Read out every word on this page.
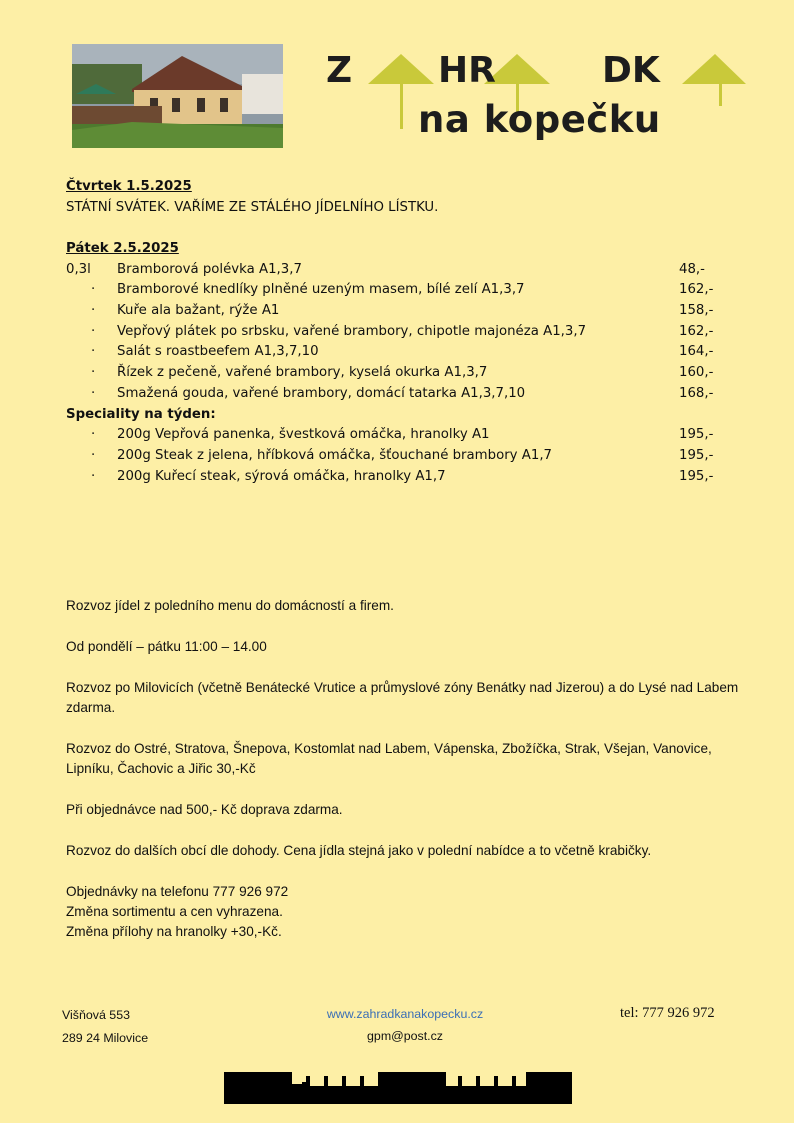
Z HR	DK
na kopečku
Čtvrtek 1.5.2025
STÁTNÍ SVÁTEK. VAŘÍME ZE STÁLÉHO JÍDELNÍHO LÍSTKU.
Pátek 2.5.2025
0,3l Bramborová polévka A1,3,7	48,-
· Bramborové knedlíky plněné uzeným masem, bílé zelí A1,3,7	162,-
· Kuře ala bažant, rýže A1	158,-
· Vepřový plátek po srbsku, vařené brambory, chipotle majonéza A1,3,7	162,-
· Salát s roastbeefem A1,3,7,10	164,-
· Řízek z pečeně, vařené brambory, kyselá okurka A1,3,7	160,-
· Smažená gouda, vařené brambory, domácí tatarka A1,3,7,10	168,-
Speciality na týden:
· 200g Vepřová panenka, švestková omáčka, hranolky A1	195,-
· 200g Steak z jelena, hříbková omáčka, šťouchané brambory A1,7	195,-
· 200g Kuřecí steak, sýrová omáčka, hranolky A1,7	195,-

Rozvoz jídel z poledního menu do domácností a firem.

Od pondělí – pátku 11:00 – 14.00

Rozvoz po Milovicích (včetně Benátecké Vrutice a průmyslové zóny Benátky nad Jizerou) a do Lysé nad Labem zdarma.

Rozvoz do Ostré, Stratova, Šnepova, Kostomlat nad Labem, Vápenska, Zbožíčka, Strak, Všejan, Vanovice, Lipníku, Čachovic a Jiřic 30,-Kč

Při objednávce nad 500,- Kč doprava zdarma.

Rozvoz do dalších obcí dle dohody. Cena jídla stejná jako v polední nabídce a to včetně krabičky.

Objednávky na telefonu 777 926 972

Změna sortimentu a cen vyhrazena.

Změna přílohy na hranolky +30,-Kč.

Višňová 553
289 24 Milovice
www.zahradkanakopecku.cz
gpm@post.cz
tel: 777 926 972
